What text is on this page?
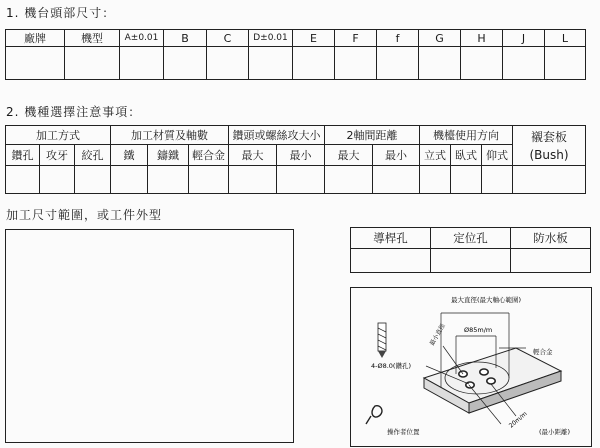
1. 機台頭部尺寸：
廠牌	機型	A±0.01	B	C	D±0.01	E	F	f	G	H	J	L

2. 機種選擇注意事項：
加工方式			加工材質及軸數			鑽頭或螺絲攻大小		2軸間距離		機檯使用方向			襯套板
(Bush)

鑽孔	攻牙	絞孔	鐵	鑄鐵	輕合金	最大	最小	最大	最小	立式	臥式	仰式	

加工尺寸範圍，或工件外型
導桿孔	定位孔	防水板

最大直徑(最大軸心範圍)
Ø85m/m
輕合金
4-Ø8.0(鑽孔)
(最小距離)
操作者位置
最小直徑
20m/m
